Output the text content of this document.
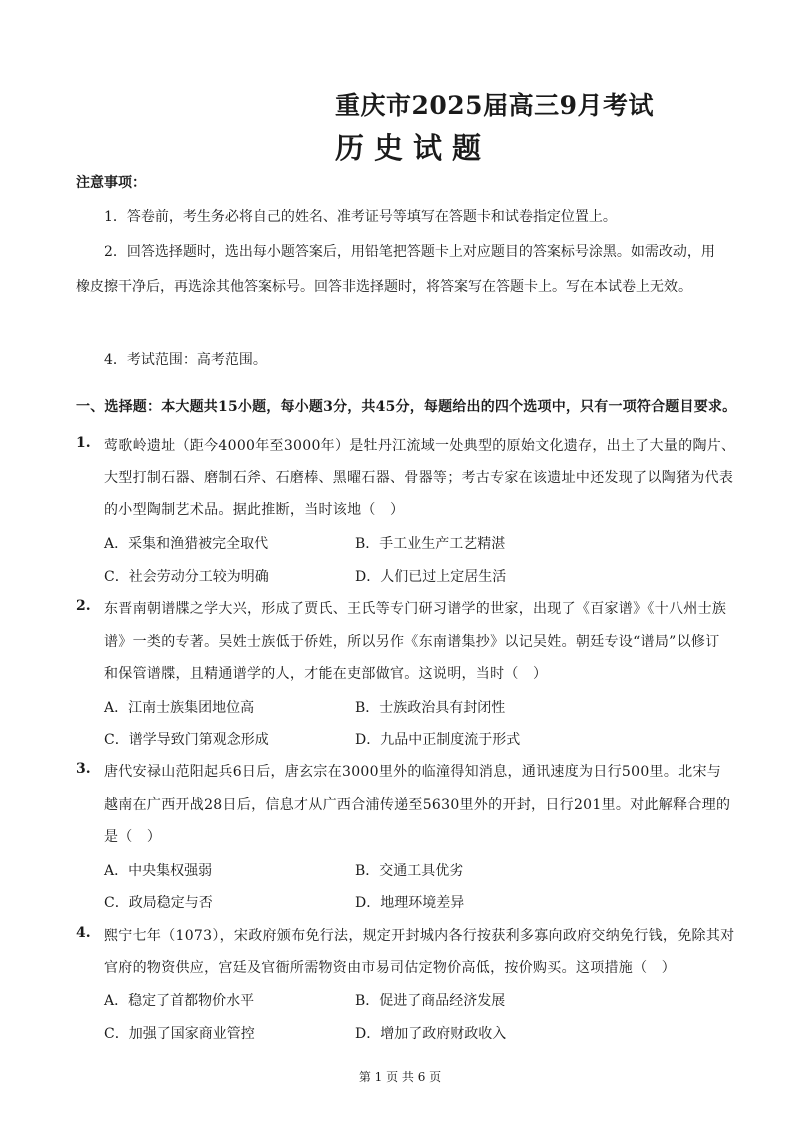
重庆市2025届高三9月考试
历史试题
注意事项：
1．答卷前，考生务必将自己的姓名、准考证号等填写在答题卡和试卷指定位置上。
2．回答选择题时，选出每小题答案后，用铅笔把答题卡上对应题目的答案标号涂黑。如需改动，用
橡皮擦干净后，再选涂其他答案标号。回答非选择题时，将答案写在答题卡上。写在本试卷上无效。
4．考试范围：高考范围。
一、选择题：本大题共15小题，每小题3分，共45分，每题给出的四个选项中，只有一项符合题目要求。
1. 莺歌岭遗址（距今4000年至3000年）是牡丹江流域一处典型的原始文化遗存，出土了大量的陶片、
大型打制石器、磨制石斧、石磨棒、黑曜石器、骨器等；考古专家在该遗址中还发现了以陶猪为代表
的小型陶制艺术品。据此推断，当时该地（　）
A．采集和渔猎被完全取代	B．手工业生产工艺精湛
C．社会劳动分工较为明确	D．人们已过上定居生活
2. 东晋南朝谱牒之学大兴，形成了贾氏、王氏等专门研习谱学的世家，出现了《百家谱》《十八州士族
谱》一类的专著。吴姓士族低于侨姓，所以另作《东南谱集抄》以记吴姓。朝廷专设“谱局”以修订
和保管谱牒，且精通谱学的人，才能在吏部做官。这说明，当时（　）
A．江南士族集团地位高	B．士族政治具有封闭性
C．谱学导致门第观念形成	D．九品中正制度流于形式
3. 唐代安禄山范阳起兵6日后，唐玄宗在3000里外的临潼得知消息，通讯速度为日行500里。北宋与
越南在广西开战28日后，信息才从广西合浦传递至5630里外的开封，日行201里。对此解释合理的
是（　）
A．中央集权强弱	B．交通工具优劣
C．政局稳定与否	D．地理环境差异
4. 熙宁七年（1073），宋政府颁布免行法，规定开封城内各行按获利多寡向政府交纳免行钱，免除其对
官府的物资供应，宫廷及官衙所需物资由市易司估定物价高低，按价购买。这项措施（　）
A．稳定了首都物价水平	B．促进了商品经济发展
C．加强了国家商业管控	D．增加了政府财政收入
第 1 页 共 6 页
